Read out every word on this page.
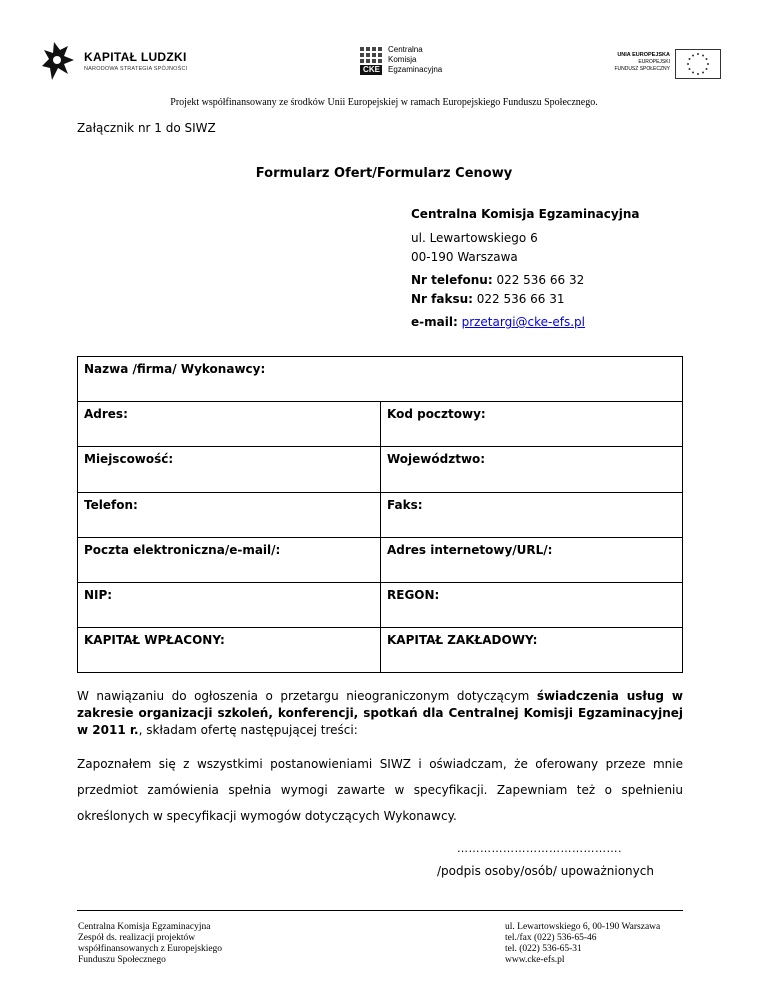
KAPITAŁ LUDZKI
NARODOWA STRATEGIA SPÓJNOŚCI	CKE
Centralna
Komisja
Egzaminacyjna
UNIA EUROPEJSKA
EUROPEJSKI
FUNDUSZ SPOŁECZNY
Projekt współfinansowany ze środków Unii Europejskiej w ramach Europejskiego Funduszu Społecznego.
Załącznik nr 1 do SIWZ
Formularz Ofert/Formularz Cenowy
Centralna Komisja Egzaminacyjna
ul. Lewartowskiego 6
00-190 Warszawa
Nr telefonu: 022 536 66 32
Nr faksu: 022 536 66 31
e-mail: przetargi@cke-efs.pl
Nazwa /firma/ Wykonawcy:	
Adres:	Kod pocztowy:
Miejscowość:	Województwo:
Telefon:	Faks:
Poczta elektroniczna/e-mail/:	Adres internetowy/URL/:
NIP:	REGON:
KAPITAŁ WPŁACONY:	KAPITAŁ ZAKŁADOWY:
W nawiązaniu do ogłoszenia o przetargu nieograniczonym dotyczącym świadczenia usług w zakresie organizacji szkoleń, konferencji, spotkań dla Centralnej Komisji Egzaminacyjnej w 2011 r., składam ofertę następującej treści:
Zapoznałem się z wszystkimi postanowieniami SIWZ i oświadczam, że oferowany przeze mnie przedmiot zamówienia spełnia wymogi zawarte w specyfikacji. Zapewniam też o spełnieniu określonych w specyfikacji wymogów dotyczących Wykonawcy.
…………………………………….
/podpis osoby/osób/ upoważnionych
Centralna Komisja Egzaminacyjna
Zespół ds. realizacji projektów
współfinansowanych z Europejskiego
Funduszu Społecznego
ul. Lewartowskiego 6, 00-190 Warszawa
tel./fax (022) 536-65-46
tel. (022) 536-65-31
www.cke-efs.pl
